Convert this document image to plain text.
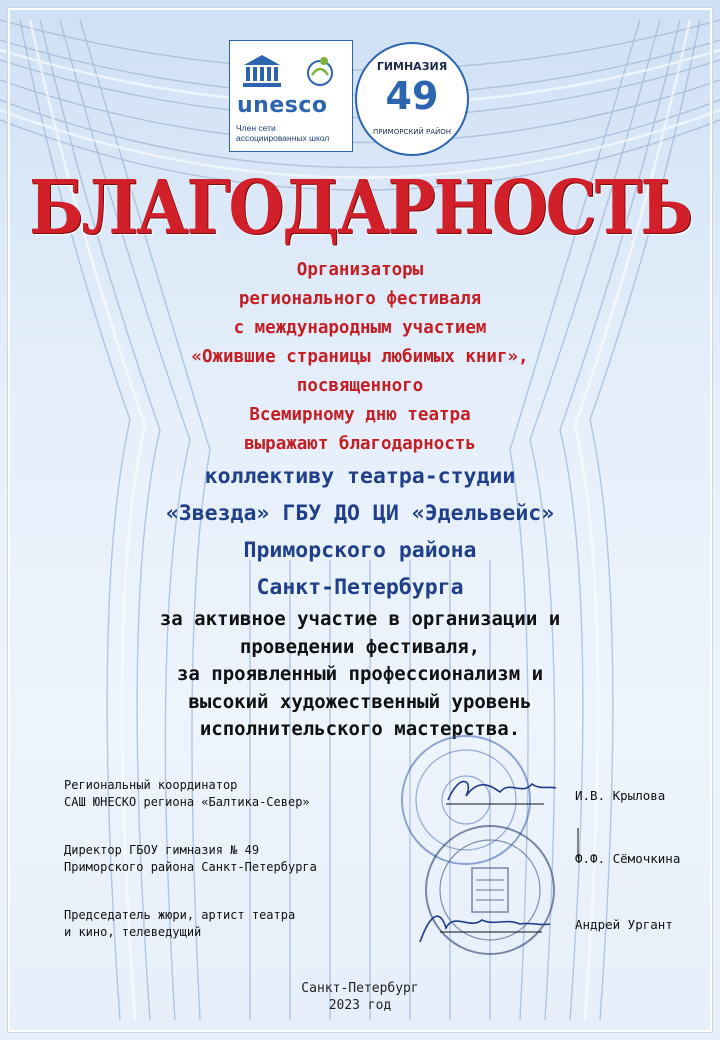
unesco
Член сети
ассоциированных школ
ГИМНАЗИЯ
49
ПРИМОРСКИЙ РАЙОН
БЛАГОДАРНОСТЬ
Организаторы
регионального фестиваля
с международным участием
«Ожившие страницы любимых книг»,
посвященного
Всемирному дню театра
выражают благодарность
коллективу театра-студии
«Звезда» ГБУ ДО ЦИ «Эдельвейс»
Приморского района
Санкт-Петербурга
за активное участие в организации и
проведении фестиваля,
за проявленный профессионализм и
высокий художественный уровень
исполнительского мастерства.
Региональный координатор
САШ ЮНЕСКО региона «Балтика-Север»	И.В. Крылова
Директор ГБОУ гимназия № 49
Приморского района Санкт-Петербурга
Ф.Ф. Сёмочкина
Председатель жюри, артист театра
и кино, телеведущий	Андрей Ургант
Санкт-Петербург
2023 год
